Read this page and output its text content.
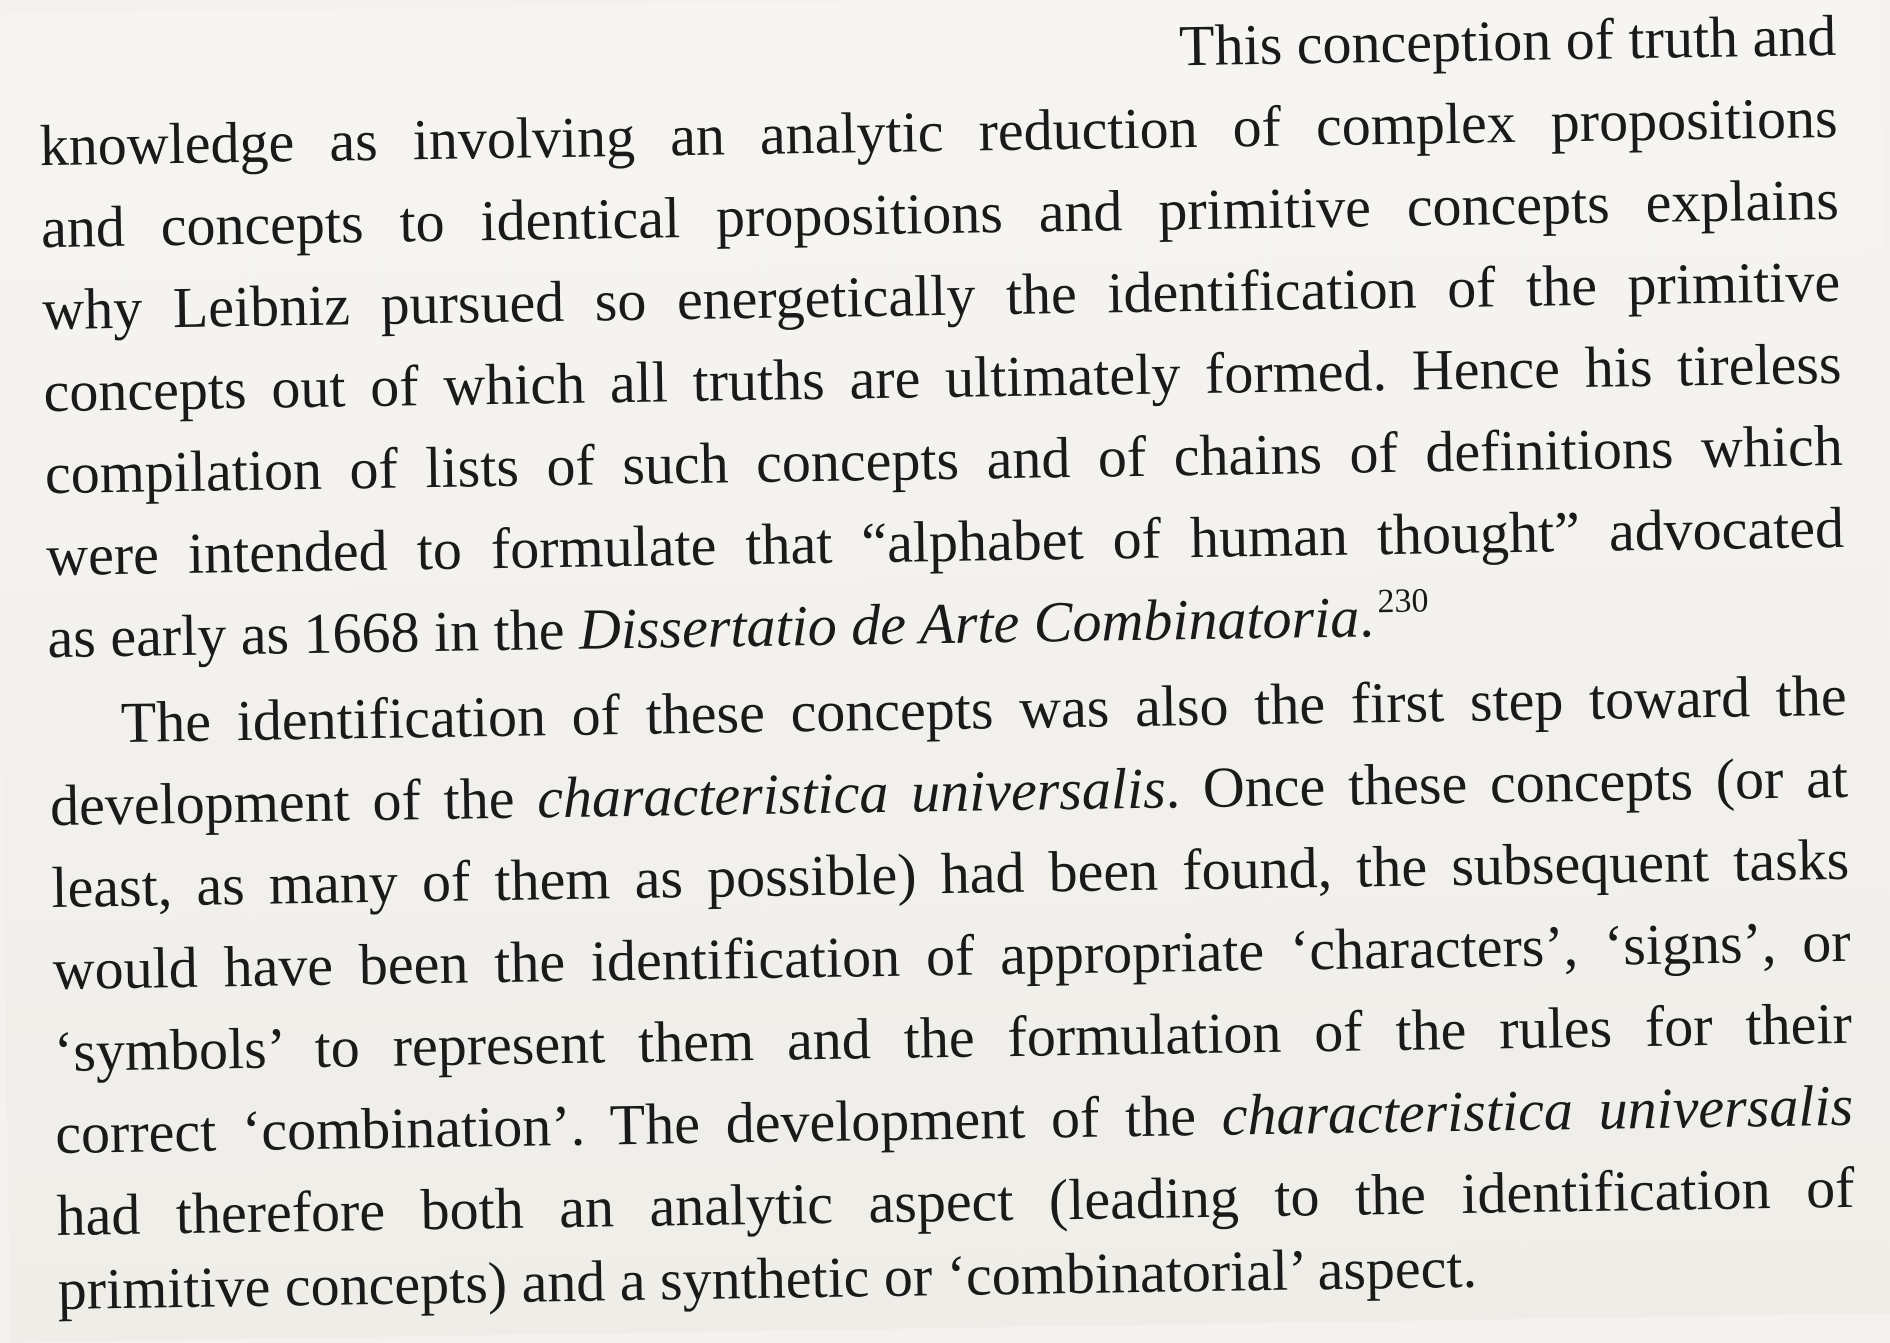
This conception of truth and

knowledge as involving an analytic reduction of complex propositions

and concepts to identical propositions and primitive concepts explains

why Leibniz pursued so energetically the identification of the primitive

concepts out of which all truths are ultimately formed. Hence his tireless

compilation of lists of such concepts and of chains of definitions which

were intended to formulate that “alphabet of human thought” advocated

as early as 1668 in the Dissertatio de Arte Combinatoria.$^{230}$

The identification of these concepts was also the first step toward the

development of the characteristica universalis. Once these concepts (or at

least, as many of them as possible) had been found, the subsequent tasks

would have been the identification of appropriate ‘characters’, ‘signs’, or

‘symbols’ to represent them and the formulation of the rules for their

correct ‘combination’. The development of the characteristica universalis

had therefore both an analytic aspect (leading to the identification of

primitive concepts) and a synthetic or ‘combinatorial’ aspect.
